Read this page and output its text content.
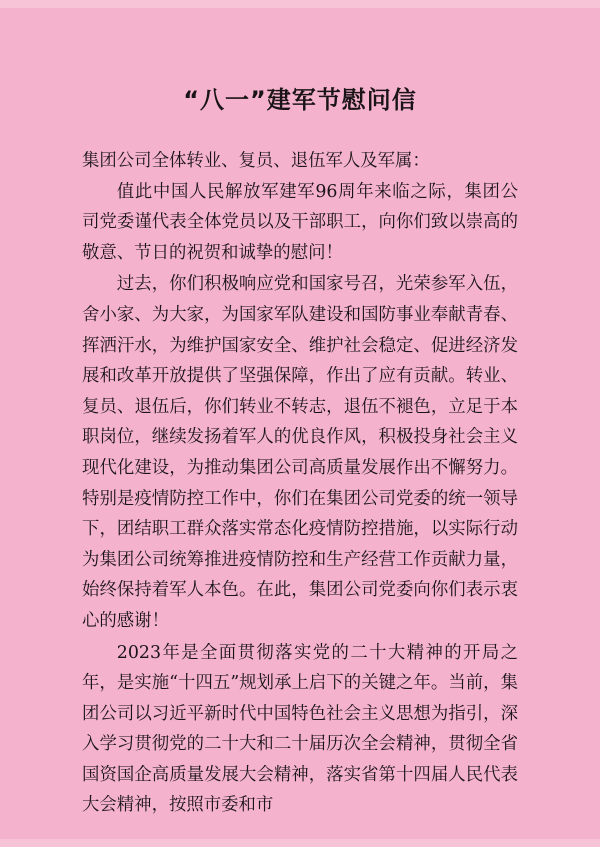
“八一”建军节慰问信

集团公司全体转业、复员、退伍军人及军属：

值此中国人民解放军建军96周年来临之际，集团公司党委谨代表全体党员以及干部职工，向你们致以崇高的敬意、节日的祝贺和诚挚的慰问！

过去，你们积极响应党和国家号召，光荣参军入伍，舍小家、为大家，为国家军队建设和国防事业奉献青春、挥洒汗水，为维护国家安全、维护社会稳定、促进经济发展和改革开放提供了坚强保障，作出了应有贡献。转业、复员、退伍后，你们转业不转志，退伍不褪色，立足于本职岗位，继续发扬着军人的优良作风，积极投身社会主义现代化建设，为推动集团公司高质量发展作出不懈努力。特别是疫情防控工作中，你们在集团公司党委的统一领导下，团结职工群众落实常态化疫情防控措施，以实际行动为集团公司统筹推进疫情防控和生产经营工作贡献力量，始终保持着军人本色。在此，集团公司党委向你们表示衷心的感谢！

2023年是全面贯彻落实党的二十大精神的开局之年，是实施“十四五”规划承上启下的关键之年。当前，集团公司以习近平新时代中国特色社会主义思想为指引，深入学习贯彻党的二十大和二十届历次全会精神，贯彻全省国资国企高质量发展大会精神，落实省第十四届人民代表大会精神，按照市委和市
